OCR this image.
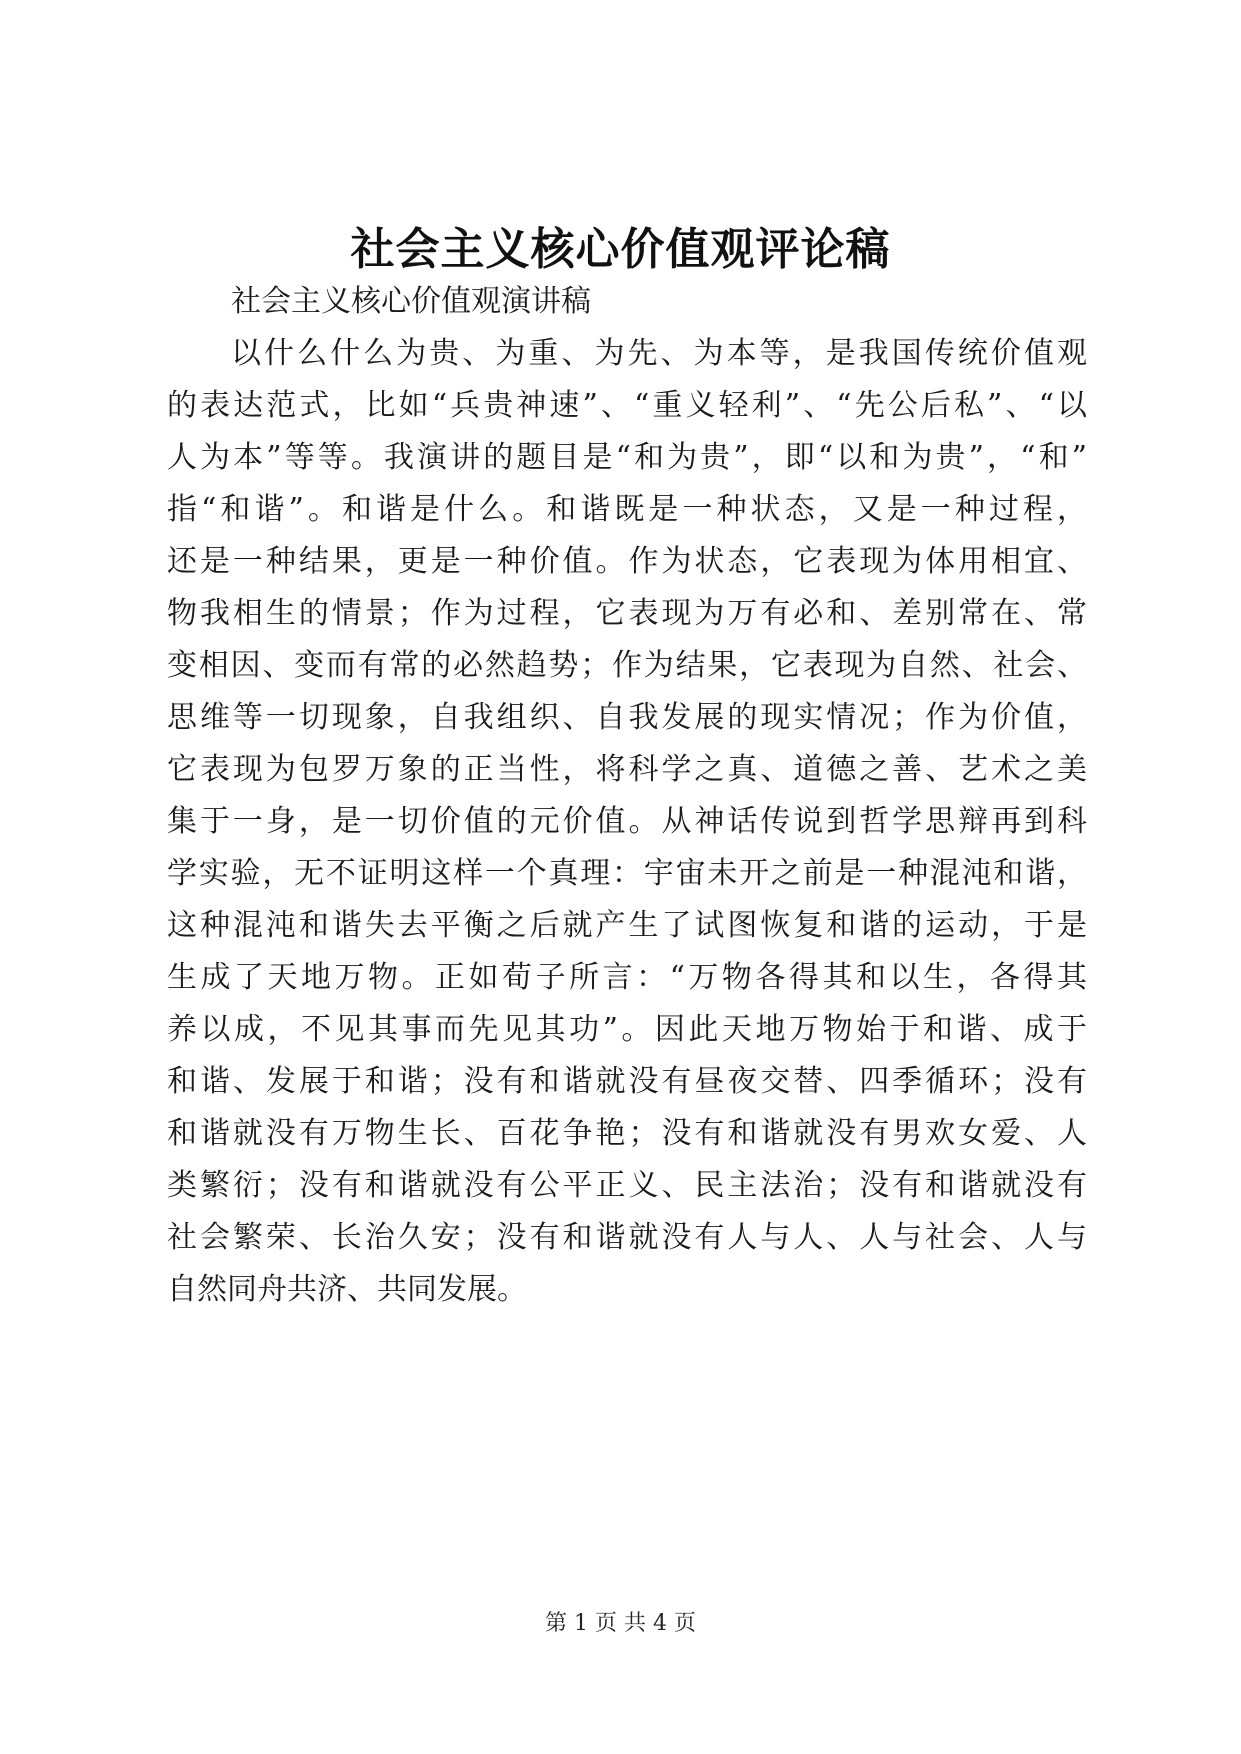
社会主义核心价值观评论稿
社会主义核心价值观演讲稿
以什么什么为贵、为重、为先、为本等，是我国传统价值观
的表达范式，比如“兵贵神速”、“重义轻利”、“先公后私”、“以
人为本”等等。我演讲的题目是“和为贵”，即“以和为贵”，“和”
指“和谐”。和谐是什么。和谐既是一种状态，又是一种过程，
还是一种结果，更是一种价值。作为状态，它表现为体用相宜、
物我相生的情景；作为过程，它表现为万有必和、差别常在、常
变相因、变而有常的必然趋势；作为结果，它表现为自然、社会、
思维等一切现象，自我组织、自我发展的现实情况；作为价值，
它表现为包罗万象的正当性，将科学之真、道德之善、艺术之美
集于一身，是一切价值的元价值。从神话传说到哲学思辩再到科
学实验，无不证明这样一个真理：宇宙未开之前是一种混沌和谐，
这种混沌和谐失去平衡之后就产生了试图恢复和谐的运动，于是
生成了天地万物。正如荀子所言：“万物各得其和以生，各得其
养以成，不见其事而先见其功”。因此天地万物始于和谐、成于
和谐、发展于和谐；没有和谐就没有昼夜交替、四季循环；没有
和谐就没有万物生长、百花争艳；没有和谐就没有男欢女爱、人
类繁衍；没有和谐就没有公平正义、民主法治；没有和谐就没有
社会繁荣、长治久安；没有和谐就没有人与人、人与社会、人与
自然同舟共济、共同发展。
第 1 页 共 4 页
